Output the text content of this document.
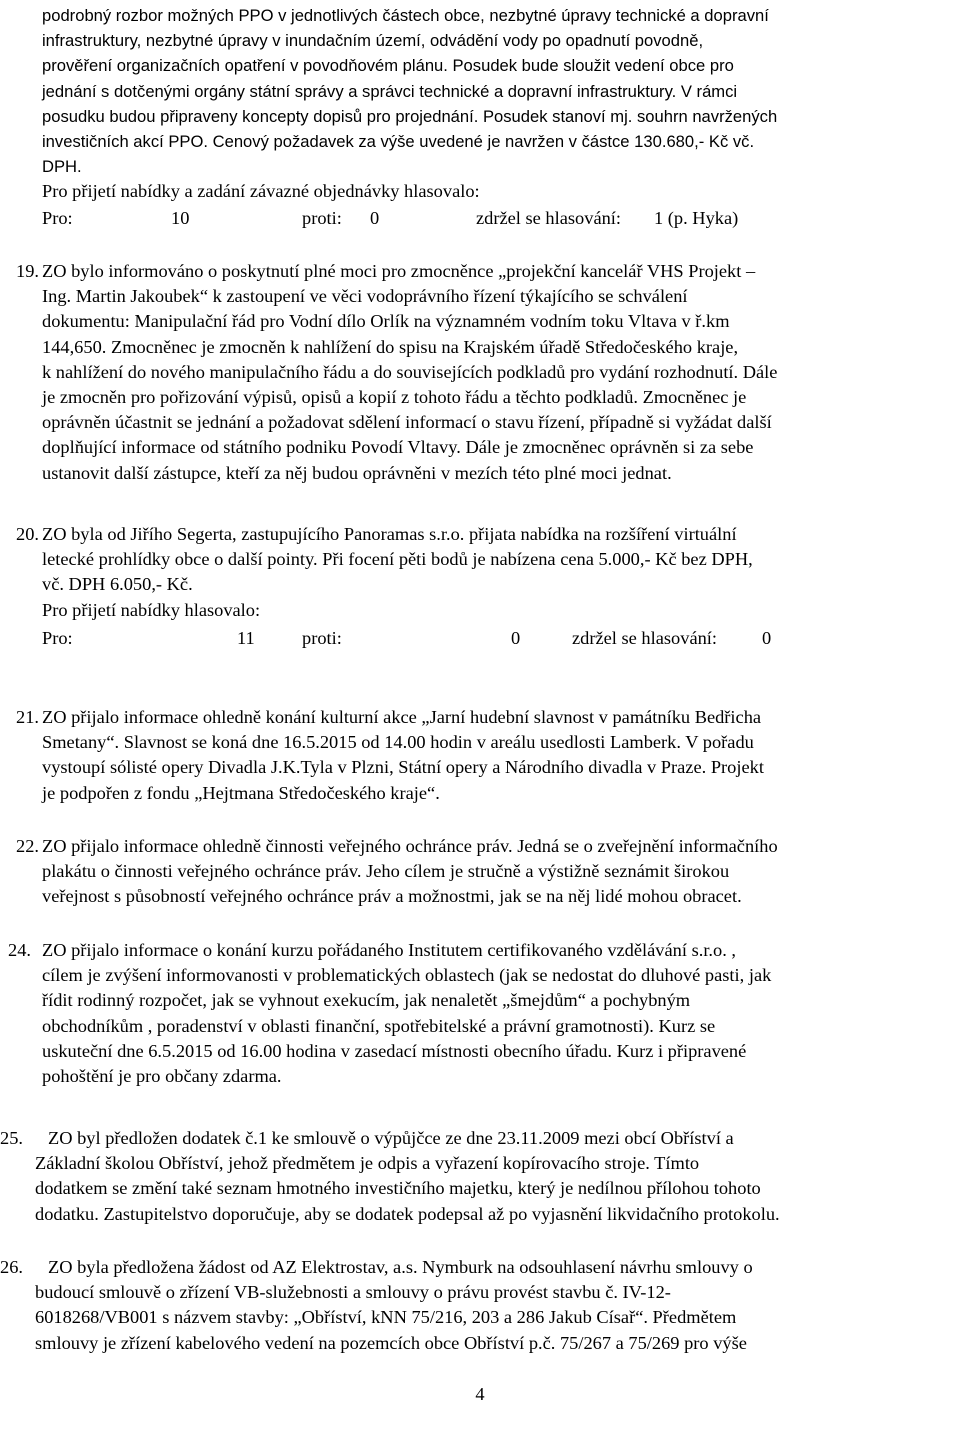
podrobný rozbor možných PPO v jednotlivých částech obce, nezbytné úpravy technické a dopravní
infrastruktury, nezbytné úpravy v inundačním území, odvádění vody po opadnutí povodně,
prověření organizačních opatření v povodňovém plánu. Posudek bude sloužit vedení obce pro
jednání s dotčenými orgány státní správy a správci technické a dopravní infrastruktury. V rámci
posudku budou připraveny koncepty dopisů pro projednání. Posudek stanoví mj. souhrn navržených
investičních akcí PPO. Cenový požadavek za výše uvedené je navržen v částce 130.680,- Kč vč.
DPH.
Pro přijetí nabídky a zadání závazné objednávky hlasovalo:
Pro:	10	proti: 0	zdržel se hlasování: 1 (p. Hyka)
19. ZO bylo informováno o poskytnutí plné moci pro zmocněnce „projekční kancelář VHS Projekt –
Ing. Martin Jakoubek“ k zastoupení ve věci vodoprávního řízení týkajícího se schválení
dokumentu: Manipulační řád pro Vodní dílo Orlík na významném vodním toku Vltava v ř.km
144,650. Zmocněnec je zmocněn k nahlížení do spisu na Krajském úřadě Středočeského kraje,
k nahlížení do nového manipulačního řádu a do souvisejících podkladů pro vydání rozhodnutí. Dále
je zmocněn pro pořizování výpisů, opisů a kopií z tohoto řádu a těchto podkladů. Zmocněnec je
oprávněn účastnit se jednání a požadovat sdělení informací o stavu řízení, případně si vyžádat další
doplňující informace od státního podniku Povodí Vltavy. Dále je zmocněnec oprávněn si za sebe
ustanovit další zástupce, kteří za něj budou oprávněni v mezích této plné moci jednat.
20. ZO byla od Jiřího Segerta, zastupujícího Panoramas s.r.o. přijata nabídka na rozšíření virtuální
letecké prohlídky obce o další pointy. Při focení pěti bodů je nabízena cena 5.000,- Kč bez DPH,
vč. DPH 6.050,- Kč.
Pro přijetí nabídky hlasovalo:
Pro:	11	proti:	0	zdržel se hlasování: 0
21. ZO přijalo informace ohledně konání kulturní akce „Jarní hudební slavnost v památníku Bedřicha
Smetany“. Slavnost se koná dne 16.5.2015 od 14.00 hodin v areálu usedlosti Lamberk. V pořadu
vystoupí sólisté opery Divadla J.K.Tyla v Plzni, Státní opery a Národního divadla v Praze. Projekt
je podpořen z fondu „Hejtmana Středočeského kraje“.
22. ZO přijalo informace ohledně činnosti veřejného ochránce práv. Jedná se o zveřejnění informačního
plakátu o činnosti veřejného ochránce práv. Jeho cílem je stručně a výstižně seznámit širokou
veřejnost s působností veřejného ochránce práv a možnostmi, jak se na něj lidé mohou obracet.
24. ZO přijalo informace o konání kurzu pořádaného Institutem certifikovaného vzdělávání s.r.o. ,
cílem je zvýšení informovanosti v problematických oblastech (jak se nedostat do dluhové pasti, jak
řídit rodinný rozpočet, jak se vyhnout exekucím, jak nenaletět „šmejdům“ a pochybným
obchodníkům , poradenství v oblasti finanční, spotřebitelské a právní gramotnosti). Kurz se
uskuteční dne 6.5.2015 od 16.00 hodina v zasedací místnosti obecního úřadu. Kurz i připravené
pohoštění je pro občany zdarma.
25.	ZO byl předložen dodatek č.1 ke smlouvě o výpůjčce ze dne 23.11.2009 mezi obcí Obříství a
Základní školou Obříství, jehož předmětem je odpis a vyřazení kopírovacího stroje. Tímto
dodatkem se změní také seznam hmotného investičního majetku, který je nedílnou přílohou tohoto
dodatku. Zastupitelstvo doporučuje, aby se dodatek podepsal až po vyjasnění likvidačního protokolu.
26.	ZO byla předložena žádost od AZ Elektrostav, a.s. Nymburk na odsouhlasení návrhu smlouvy o
budoucí smlouvě o zřízení VB-služebnosti a smlouvy o právu provést stavbu č. IV-12-
6018268/VB001 s názvem stavby: „Obříství, kNN 75/216, 203 a 286 Jakub Císař“. Předmětem
smlouvy je zřízení kabelového vedení na pozemcích obce Obříství p.č. 75/267 a 75/269 pro výše
4
